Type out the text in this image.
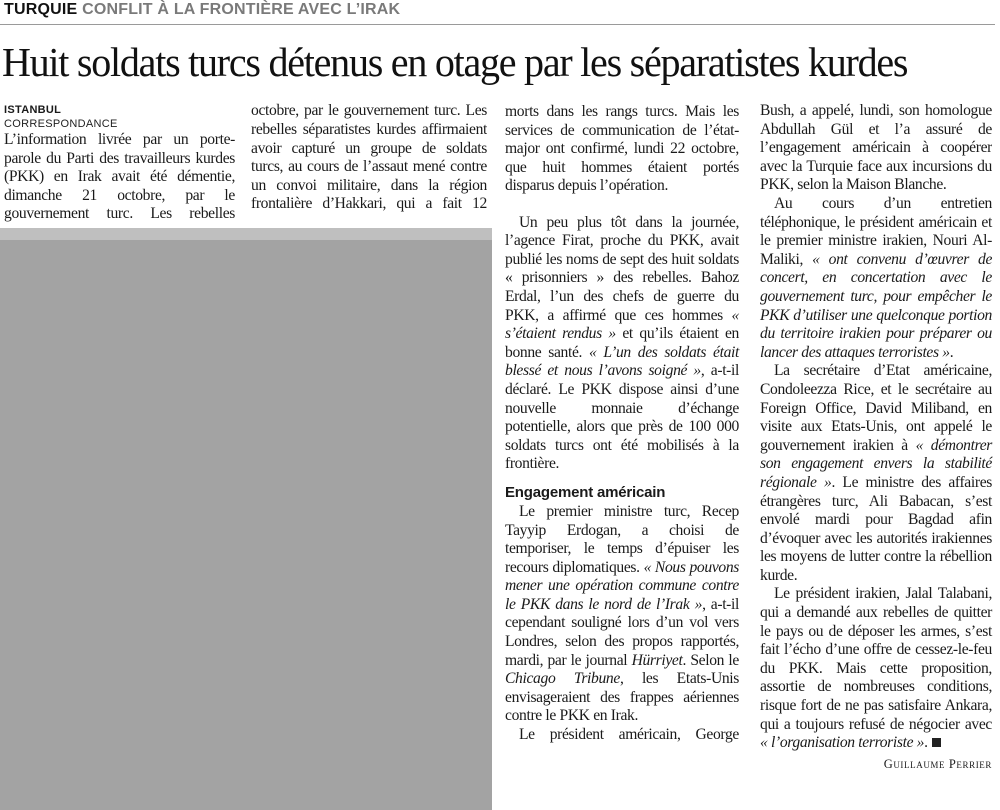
TURQUIE CONFLIT À LA FRONTIÈRE AVEC L’IRAK
Huit soldats turcs détenus en otage par les séparatistes kurdes
ISTANBUL
CORRESPONDANCE

L’information livrée par un porte-parole du Parti des travailleurs kurdes (PKK) en Irak avait été démentie, dimanche 21 octobre, par le gouvernement turc. Les rebelles

octobre, par le gouvernement turc. Les rebelles séparatistes kurdes affirmaient avoir capturé un groupe de soldats turcs, au cours de l’assaut mené contre un convoi militaire, dans la région frontalière d’Hakkari, qui a fait 12

morts dans les rangs turcs. Mais les services de communication de l’état-major ont confirmé, lundi 22 octobre, que huit hommes étaient portés disparus depuis l’opération.

Un peu plus tôt dans la journée, l’agence Firat, proche du PKK, avait publié les noms de sept des huit soldats « prisonniers » des rebelles. Bahoz Erdal, l’un des chefs de guerre du PKK, a affirmé que ces hommes « s’étaient rendus » et qu’ils étaient en bonne santé. « L’un des soldats était blessé et nous l’avons soigné », a-t-il déclaré. Le PKK dispose ainsi d’une nouvelle monnaie d’échange potentielle, alors que près de 100 000 soldats turcs ont été mobilisés à la frontière.

Engagement américain

Le premier ministre turc, Recep Tayyip Erdogan, a choisi de temporiser, le temps d’épuiser les recours diplomatiques. « Nous pouvons mener une opération commune contre le PKK dans le nord de l’Irak », a-t-il cependant souligné lors d’un vol vers Londres, selon des propos rapportés, mardi, par le journal Hürriyet. Selon le Chicago Tribune, les Etats-Unis envisageraient des frappes aériennes contre le PKK en Irak.

Le président américain, George

Bush, a appelé, lundi, son homologue Abdullah Gül et l’a assuré de l’engagement américain à coopérer avec la Turquie face aux incursions du PKK, selon la Maison Blanche.

Au cours d’un entretien téléphonique, le président américain et le premier ministre irakien, Nouri Al-Maliki, « ont convenu d’œuvrer de concert, en concertation avec le gouvernement turc, pour empêcher le PKK d’utiliser une quelconque portion du territoire irakien pour préparer ou lancer des attaques terroristes ».

La secrétaire d’Etat américaine, Condoleezza Rice, et le secrétaire au Foreign Office, David Miliband, en visite aux Etats-Unis, ont appelé le gouvernement irakien à « démontrer son engagement envers la stabilité régionale ». Le ministre des affaires étrangères turc, Ali Babacan, s’est envolé mardi pour Bagdad afin d’évoquer avec les autorités irakiennes les moyens de lutter contre la rébellion kurde.

Le président irakien, Jalal Talabani, qui a demandé aux rebelles de quitter le pays ou de déposer les armes, s’est fait l’écho d’une offre de cessez-le-feu du PKK. Mais cette proposition, assortie de nombreuses conditions, risque fort de ne pas satisfaire Ankara, qui a toujours refusé de négocier avec « l’organisation terroriste ».

Guillaume Perrier
